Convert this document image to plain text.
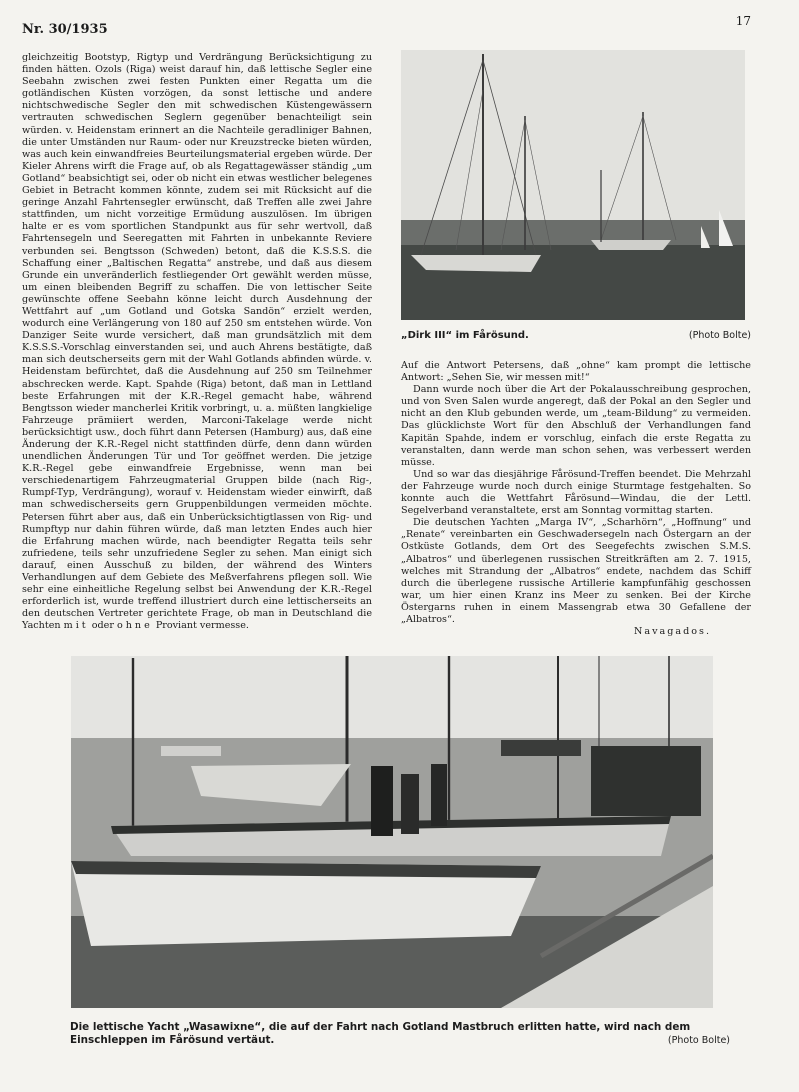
Nr. 30/1935
17

gleichzeitig Bootstyp, Rigtyp und Verdrängung Berücksichtigung zu finden hätten. Ozols (Riga) weist darauf hin, daß lettische Segler eine Seebahn zwischen zwei festen Punkten einer Regatta um die gotländischen Küsten vorzögen, da sonst lettische und andere nichtschwedische Segler den mit schwedischen Küstengewässern vertrauten schwedischen Seglern gegenüber benachteiligt sein würden. v. Heidenstam erinnert an die Nachteile geradliniger Bahnen, die unter Umständen nur Raum- oder nur Kreuzstrecke bieten würden, was auch kein einwandfreies Beurteilungsmaterial ergeben würde. Der Kieler Ahrens wirft die Frage auf, ob als Regattagewässer ständig „um Gotland“ beabsichtigt sei, oder ob nicht ein etwas westlicher belegenes Gebiet in Betracht kommen könnte, zudem sei mit Rücksicht auf die geringe Anzahl Fahrtensegler erwünscht, daß Treffen alle zwei Jahre stattfinden, um nicht vorzeitige Ermüdung auszulösen. Im übrigen halte er es vom sportlichen Standpunkt aus für sehr wertvoll, daß Fahrtensegeln und Seeregatten mit Fahrten in unbekannte Reviere verbunden sei. Bengtsson (Schweden) betont, daß die K.S.S.S. die Schaffung einer „Baltischen Regatta“ anstrebe, und daß aus diesem Grunde ein unveränderlich festliegender Ort gewählt werden müsse, um einen bleibenden Begriff zu schaffen. Die von lettischer Seite gewünschte offene Seebahn könne leicht durch Ausdehnung der Wettfahrt auf „um Gotland und Gotska Sandön“ erzielt werden, wodurch eine Verlängerung von 180 auf 250 sm entstehen würde. Von Danziger Seite wurde versichert, daß man grundsätzlich mit dem K.S.S.S.-Vorschlag einverstanden sei, und auch Ahrens bestätigte, daß man sich deutscherseits gern mit der Wahl Gotlands abfinden würde. v. Heidenstam befürchtet, daß die Ausdehnung auf 250 sm Teilnehmer abschrecken werde. Kapt. Spahde (Riga) betont, daß man in Lettland beste Erfahrungen mit der K.R.-Regel gemacht habe, während Bengtsson wieder mancherlei Kritik vorbringt, u. a. müßten langkielige Fahrzeuge prämiiert werden, Marconi-Takelage werde nicht berücksichtigt usw., doch führt dann Petersen (Hamburg) aus, daß eine Änderung der K.R.-Regel nicht stattfinden dürfe, denn dann würden unendlichen Änderungen Tür und Tor geöffnet werden. Die jetzige K.R.-Regel gebe einwandfreie Ergebnisse, wenn man bei verschiedenartigem Fahrzeugmaterial Gruppen bilde (nach Rig-, Rumpf-Typ, Verdrängung), worauf v. Heidenstam wieder einwirft, daß man schwedischerseits gern Gruppenbildungen vermeiden möchte. Petersen führt aber aus, daß ein Unberücksichtigtlassen von Rig- und Rumpftyp nur dahin führen würde, daß man letzten Endes auch hier die Erfahrung machen würde, nach beendigter Regatta teils sehr zufriedene, teils sehr unzufriedene Segler zu sehen. Man einigt sich darauf, einen Ausschuß zu bilden, der während des Winters Verhandlungen auf dem Gebiete des Meßverfahrens pflegen soll. Wie sehr eine einheitliche Regelung selbst bei Anwendung der K.R.-Regel erforderlich ist, wurde treffend illustriert durch eine lettischerseits an den deutschen Vertreter gerichtete Frage, ob man in Deutschland die Yachten mit oder ohne Proviant vermesse.

„Dirk III“ im Fårösund.	(Photo Bolte)

Auf die Antwort Petersens, daß „ohne“ kam prompt die lettische Antwort: „Sehen Sie, wir messen mit!“

Dann wurde noch über die Art der Pokalausschreibung gesprochen, und von Sven Salen wurde angeregt, daß der Pokal an den Segler und nicht an den Klub gebunden werde, um „team-Bildung“ zu vermeiden. Das glücklichste Wort für den Abschluß der Verhandlungen fand Kapitän Spahde, indem er vorschlug, einfach die erste Regatta zu veranstalten, dann werde man schon sehen, was verbessert werden müsse.

Und so war das diesjährige Fårösund-Treffen beendet. Die Mehrzahl der Fahrzeuge wurde noch durch einige Sturmtage festgehalten. So konnte auch die Wettfahrt Fårösund—Windau, die der Lettl. Segelverband veranstaltete, erst am Sonntag vormittag starten.

Die deutschen Yachten „Marga IV“, „Scharhörn“, „Hoffnung“ und „Renate“ vereinbarten ein Geschwadersegeln nach Östergarn an der Ostküste Gotlands, dem Ort des Seegefechts zwischen S.M.S. „Albatros“ und überlegenen russischen Streitkräften am 2. 7. 1915, welches mit Strandung der „Albatros“ endete, nachdem das Schiff durch die überlegene russische Artillerie kampfunfähig geschossen war, um hier einen Kranz ins Meer zu senken. Bei der Kirche Östergarns ruhen in einem Massengrab etwa 30 Gefallene der „Albatros“.

Navagados.

Die lettische Yacht „Wasawixne“, die auf der Fahrt nach Gotland Mastbruch erlitten hatte, wird nach dem Einschleppen im Fårösund vertäut.	(Photo Bolte)
